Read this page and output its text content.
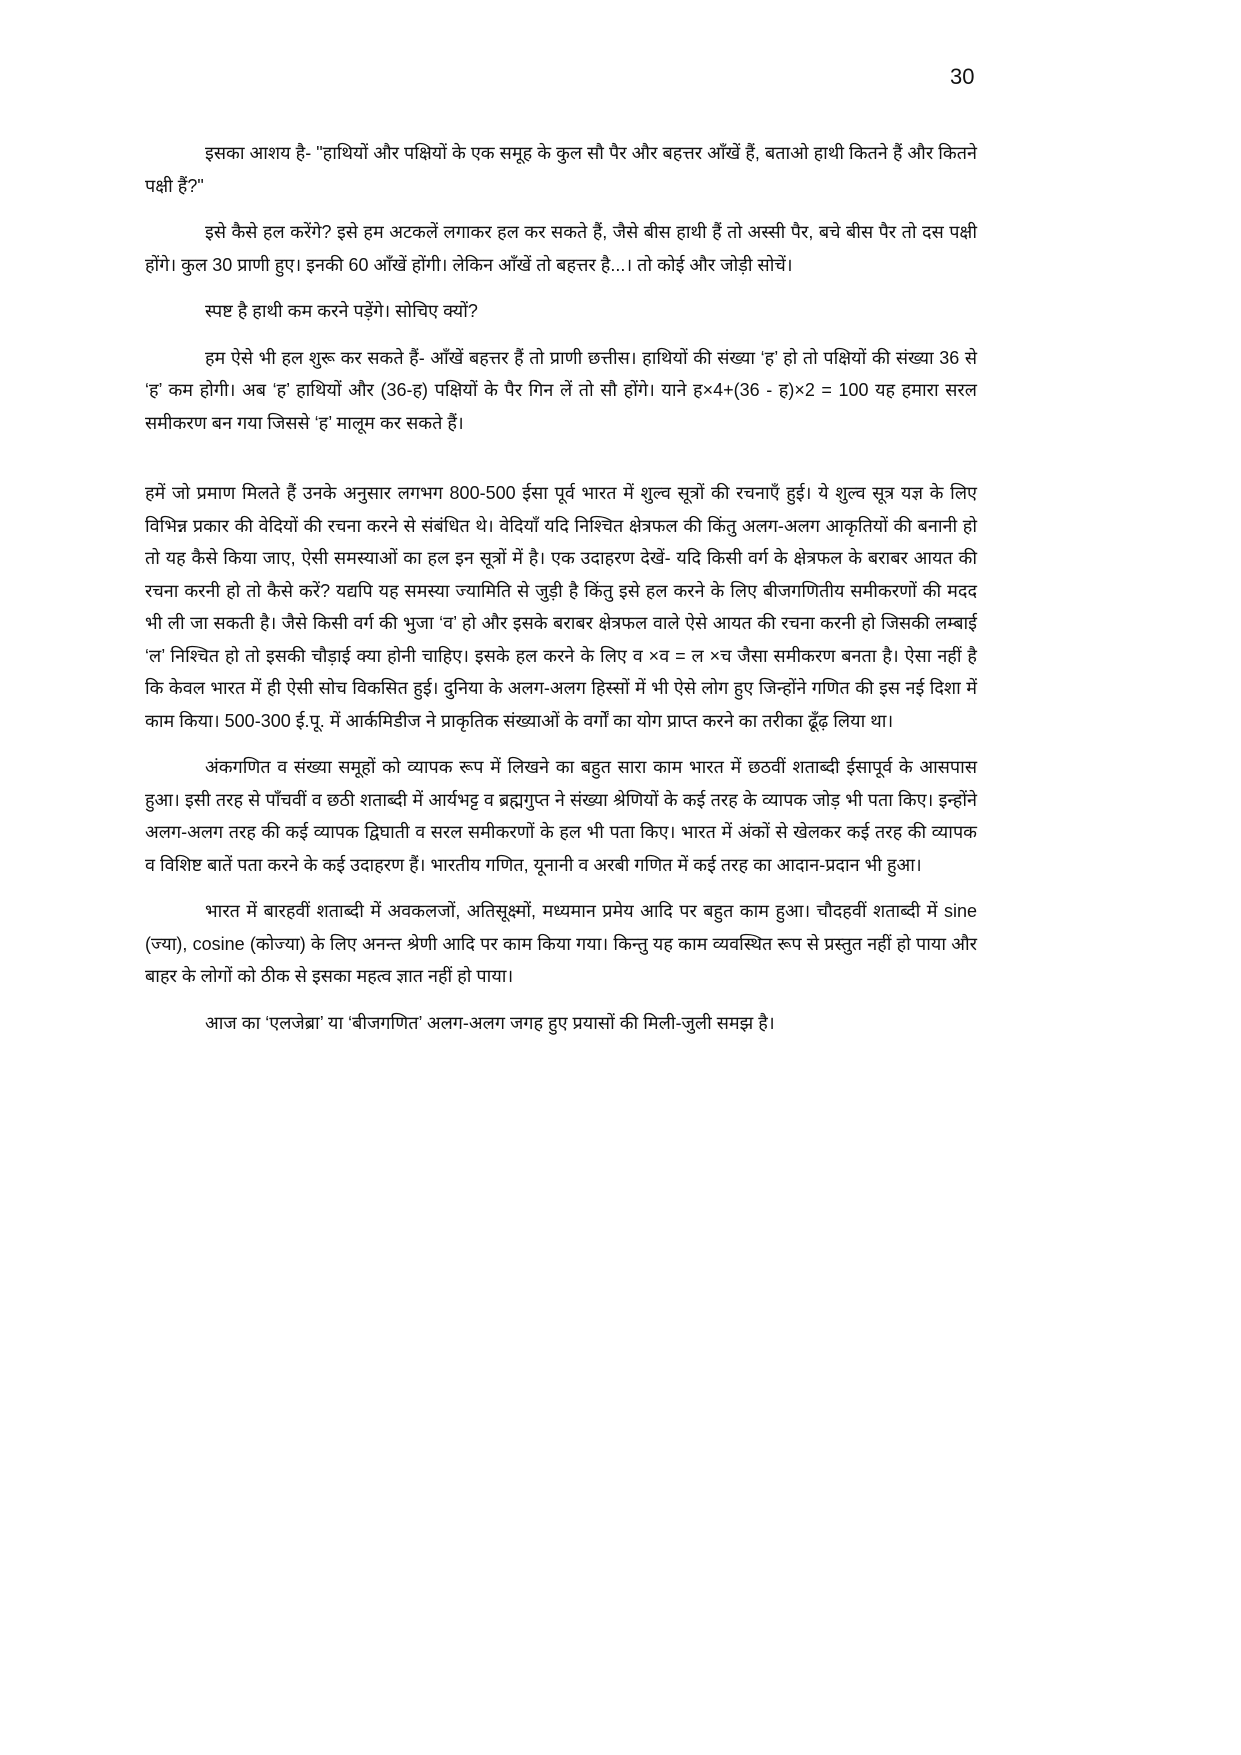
30

इसका आशय है- "हाथियों और पक्षियों के एक समूह के कुल सौ पैर और बहत्तर आँखें हैं, बताओ हाथी कितने हैं और कितने पक्षी हैं?"

इसे कैसे हल करेंगे? इसे हम अटकलें लगाकर हल कर सकते हैं, जैसे बीस हाथी हैं तो अस्सी पैर, बचे बीस पैर तो दस पक्षी होंगे। कुल 30 प्राणी हुए। इनकी 60 आँखें होंगी। लेकिन आँखें तो बहत्तर है...। तो कोई और जोड़ी सोचें।

स्पष्ट है हाथी कम करने पड़ेंगे। सोचिए क्यों?

हम ऐसे भी हल शुरू कर सकते हैं- आँखें बहत्तर हैं तो प्राणी छत्तीस। हाथियों की संख्या ‘ह’ हो तो पक्षियों की संख्या 36 से ‘ह’ कम होगी। अब ‘ह’ हाथियों और (36-ह) पक्षियों के पैर गिन लें तो सौ होंगे। याने ह×4+(36 - ह)×2 = 100 यह हमारा सरल समीकरण बन गया जिससे ‘ह’ मालूम कर सकते हैं।

हमें जो प्रमाण मिलते हैं उनके अनुसार लगभग 800-500 ईसा पूर्व भारत में शुल्व सूत्रों की रचनाएँ हुई। ये शुल्व सूत्र यज्ञ के लिए विभिन्न प्रकार की वेदियों की रचना करने से संबंधित थे। वेदियाँ यदि निश्चित क्षेत्रफल की किंतु अलग-अलग आकृतियों की बनानी हो तो यह कैसे किया जाए, ऐसी समस्याओं का हल इन सूत्रों में है। एक उदाहरण देखें- यदि किसी वर्ग के क्षेत्रफल के बराबर आयत की रचना करनी हो तो कैसे करें? यद्यपि यह समस्या ज्यामिति से जुड़ी है किंतु इसे हल करने के लिए बीजगणितीय समीकरणों की मदद भी ली जा सकती है। जैसे किसी वर्ग की भुजा ‘व’ हो और इसके बराबर क्षेत्रफल वाले ऐसे आयत की रचना करनी हो जिसकी लम्बाई ‘ल’ निश्चित हो तो इसकी चौड़ाई क्या होनी चाहिए। इसके हल करने के लिए व ×व = ल ×च जैसा समीकरण बनता है। ऐसा नहीं है कि केवल भारत में ही ऐसी सोच विकसित हुई। दुनिया के अलग-अलग हिस्सों में भी ऐसे लोग हुए जिन्होंने गणित की इस नई दिशा में काम किया। 500-300 ई.पू. में आर्कमिडीज ने प्राकृतिक संख्याओं के वर्गों का योग प्राप्त करने का तरीका ढूँढ़ लिया था।

अंकगणित व संख्या समूहों को व्यापक रूप में लिखने का बहुत सारा काम भारत में छठवीं शताब्दी ईसापूर्व के आसपास हुआ। इसी तरह से पाँचवीं व छठी शताब्दी में आर्यभट्ट व ब्रह्मगुप्त ने संख्या श्रेणियों के कई तरह के व्यापक जोड़ भी पता किए। इन्होंने अलग-अलग तरह की कई व्यापक द्विघाती व सरल समीकरणों के हल भी पता किए। भारत में अंकों से खेलकर कई तरह की व्यापक व विशिष्ट बातें पता करने के कई उदाहरण हैं। भारतीय गणित, यूनानी व अरबी गणित में कई तरह का आदान-प्रदान भी हुआ।

भारत में बारहवीं शताब्दी में अवकलजों, अतिसूक्ष्मों, मध्यमान प्रमेय आदि पर बहुत काम हुआ। चौदहवीं शताब्दी में sine (ज्या), cosine (कोज्या) के लिए अनन्त श्रेणी आदि पर काम किया गया। किन्तु यह काम व्यवस्थित रूप से प्रस्तुत नहीं हो पाया और बाहर के लोगों को ठीक से इसका महत्व ज्ञात नहीं हो पाया।

आज का ‘एलजेब्रा’ या ‘बीजगणित’ अलग-अलग जगह हुए प्रयासों की मिली-जुली समझ है।
